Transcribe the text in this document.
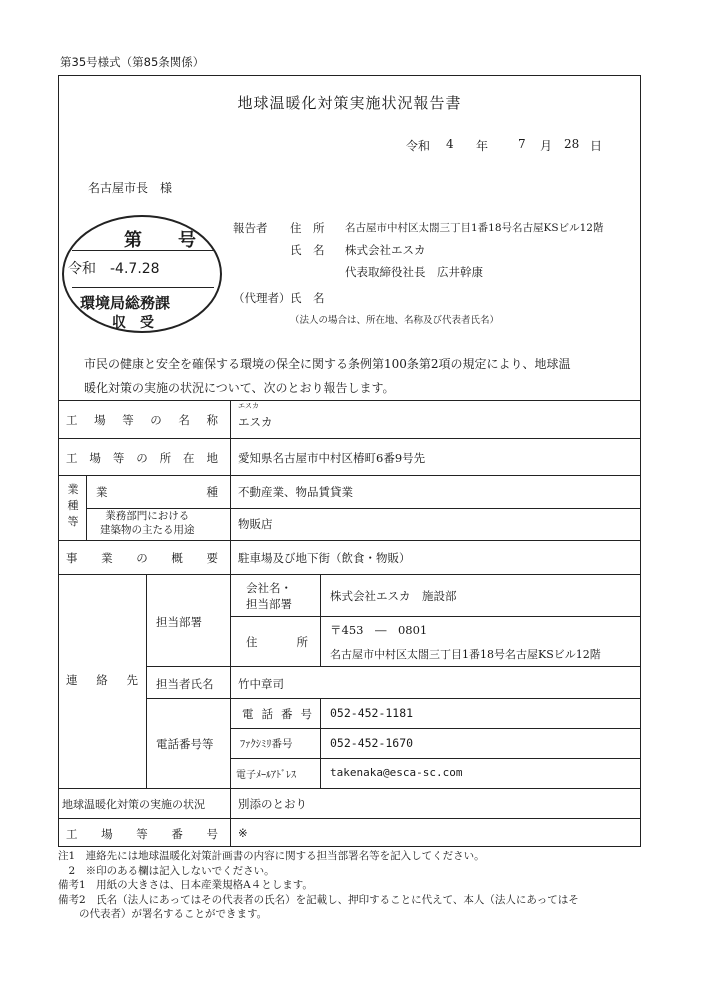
第35号様式（第85条関係）
地球温暖化対策実施状況報告書
令和 4 年 7 月 28 日
名古屋市長　様
報告者 住　所 名古屋市中村区太閤三丁目1番18号名古屋KSビル12階
氏　名 株式会社エスカ
代表取締役社長　広井幹康
（代理者） 氏　名
（法人の場合は、所在地、名称及び代表者氏名）
第　　号
令和　-4.7.28
環境局総務課
収　受
市民の健康と安全を確保する環境の保全に関する条例第100条第2項の規定により、地球温
暖化対策の実施の状況について、次のとおり報告します。
工 場 等 の 名 称
エスカ
エスカ
工 場 等 の 所 在 地 愛知県名古屋市中村区椿町6番9号先
業
種
等
業	種 不動産業、物品賃貸業
業務部門における
建築物の主たる用途	物販店
事 業 の 概 要 駐車場及び地下街（飲食・物販）
連 絡 先
担当部署
会社名・
担当部署
株式会社エスカ　施設部
住	所
〒453　―　0801
名古屋市中村区太閤三丁目1番18号名古屋KSビル12階
担当者氏名 竹中章司
電話番号等
電 話 番 号 052-452-1181
ﾌｧｸｼﾐﾘ番号	052-452-1670
電子ﾒｰﾙｱﾄﾞﾚｽ	takenaka@esca-sc.com
地球温暖化対策の実施の状況	別添のとおり
工 場 等 番 号 ※
注1　連絡先には地球温暖化対策計画書の内容に関する担当部署名等を記入してください。
　2　※印のある欄は記入しないでください。
備考1　用紙の大きさは、日本産業規格A４とします。
備考2　氏名（法人にあってはその代表者の氏名）を記載し、押印することに代えて、本人（法人にあってはそ
　　の代表者）が署名することができます。
